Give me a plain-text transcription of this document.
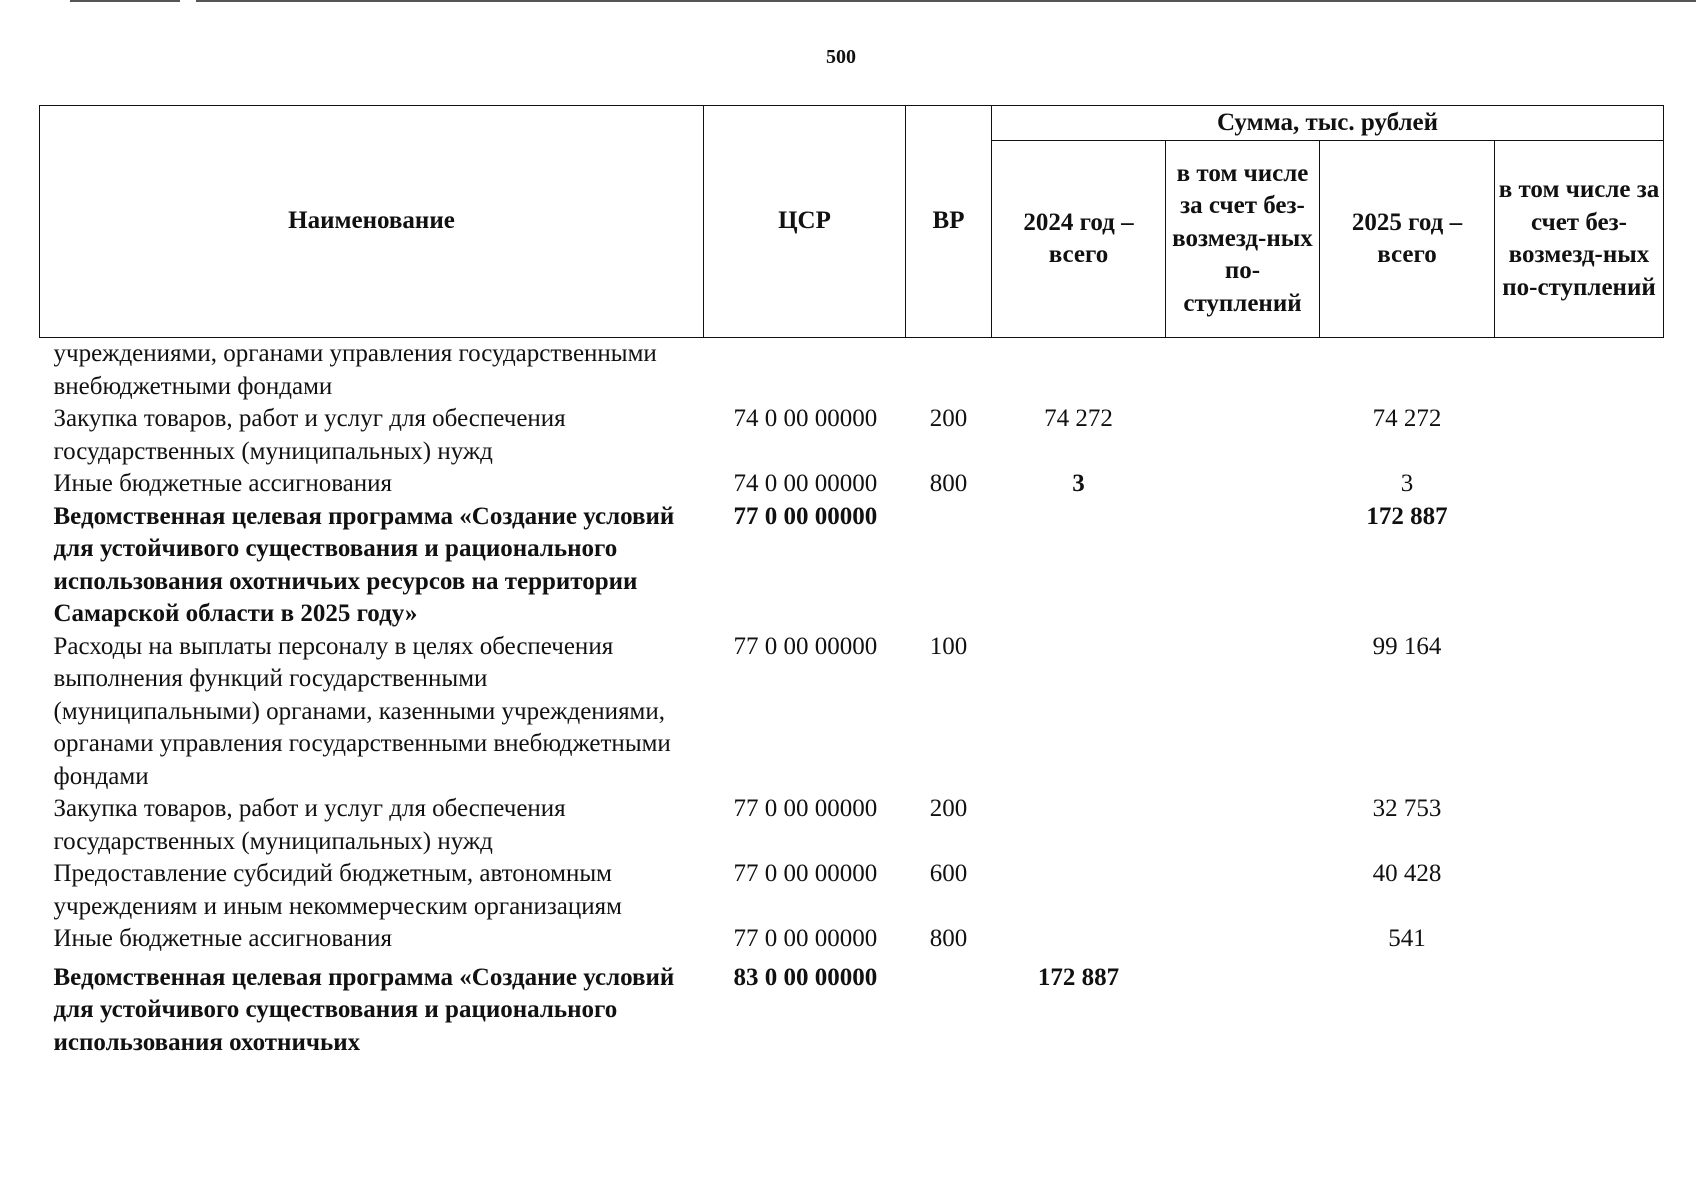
500
Наименование	ЦСР	ВР	Сумма, тыс. рублей			
			2024 год – всего	в том числе за счет без-возмезд-ных по-ступлений	2025 год – всего	в том числе за счет без-возмезд-ных по-ступлений
учреждениями, органами управления государственными внебюджетными фондами						
Закупка товаров, работ и услуг для обеспечения государственных (муниципальных) нужд	74 0 00 00000	200	74 272		74 272	
Иные бюджетные ассигнования	74 0 00 00000	800	3		3	
Ведомственная целевая программа «Создание условий для устойчивого существования и рационального использования охотничьих ресурсов на территории Самарской области в 2025 году»	77 0 00 00000				172 887	
Расходы на выплаты персоналу в целях обеспечения выполнения функций государственными (муниципальными) органами, казенными учреждениями, органами управления государственными внебюджетными фондами	77 0 00 00000	100			99 164	
Закупка товаров, работ и услуг для обеспечения государственных (муниципальных) нужд	77 0 00 00000	200			32 753	
Предоставление субсидий бюджетным, автономным учреждениям и иным некоммерческим организациям	77 0 00 00000	600			40 428	
Иные бюджетные ассигнования	77 0 00 00000	800			541	
Ведомственная целевая программа «Создание условий для устойчивого существования и рационального использования охотничьих	83 0 00 00000		172 887			
